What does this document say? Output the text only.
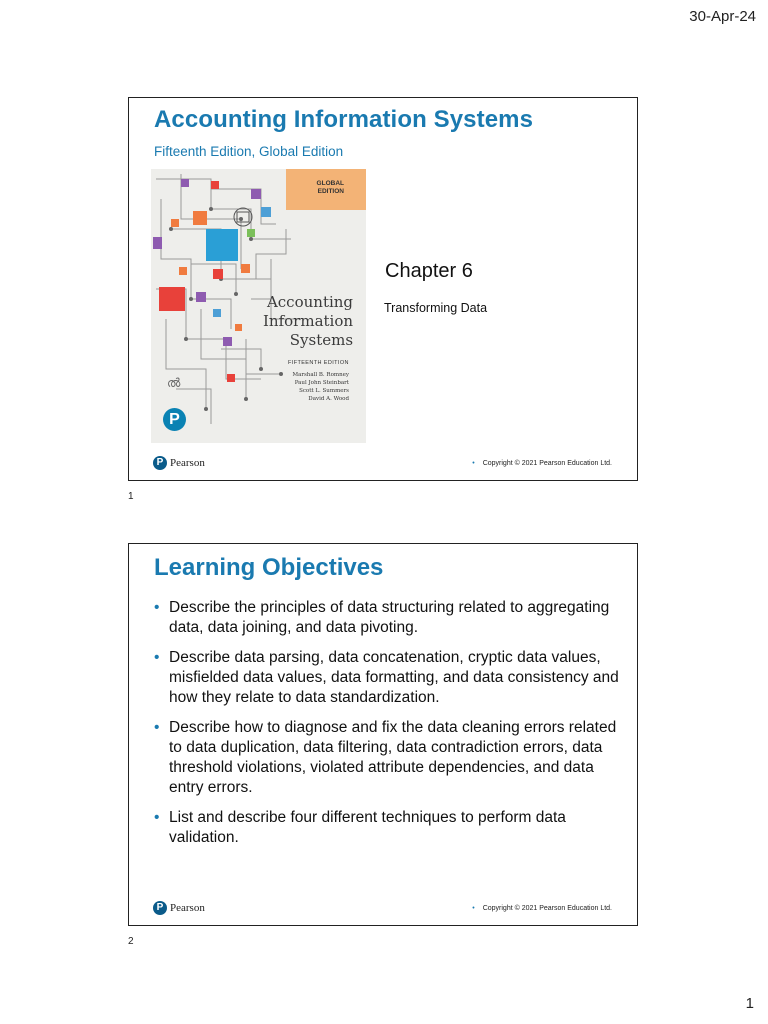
30-Apr-24
Accounting Information Systems
Fifteenth Edition, Global Edition
ൽ
GLOBAL
EDITION
Accounting
Information
Systems
FIFTEENTH EDITION
Marshall B. Romney
Paul John Steinbart
Scott L. Summers
David A. Wood
P
Chapter 6
Transforming Data
P Pearson	• Copyright © 2021 Pearson Education Ltd.
1
Learning Objectives
• Describe the principles of data structuring related to aggregating data, data joining, and data pivoting.
• Describe data parsing, data concatenation, cryptic data values, misfielded data values, data formatting, and data consistency and how they relate to data standardization.
• Describe how to diagnose and fix the data cleaning errors related to data duplication, data filtering, data contradiction errors, data threshold violations, violated attribute dependencies, and data entry errors.
• List and describe four different techniques to perform data validation.
P Pearson	• Copyright © 2021 Pearson Education Ltd.
2
1
